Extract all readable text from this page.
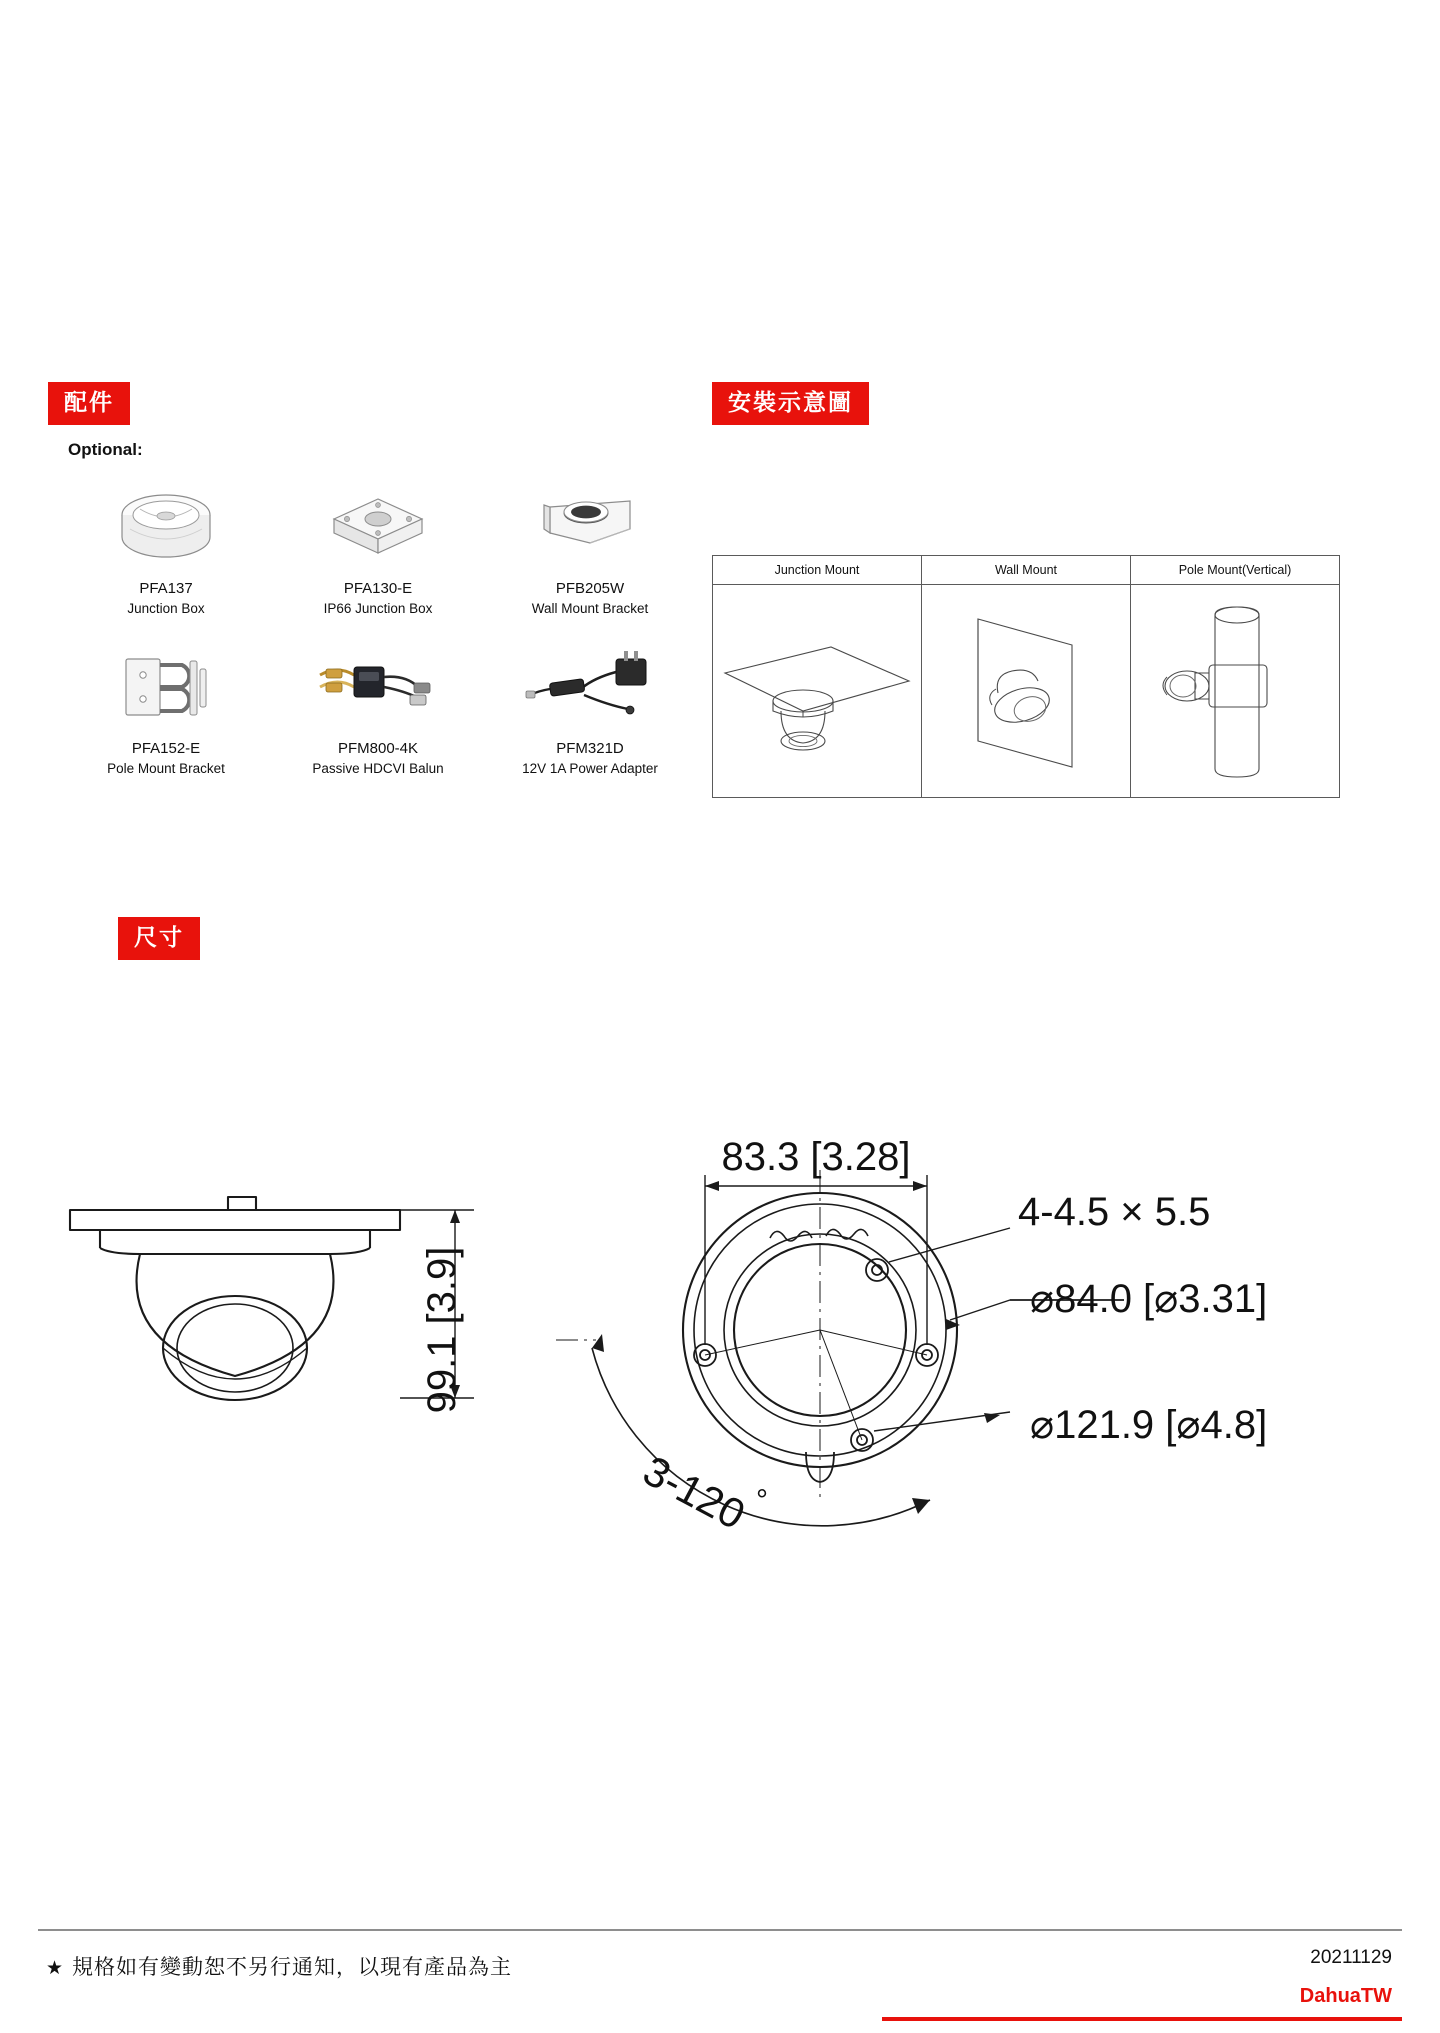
配件	安裝示意圖
Optional:
PFA137
Junction Box
PFA130-E
IP66 Junction Box
PFB205W
Wall Mount Bracket
PFA152-E
Pole Mount Bracket
PFM800-4K
Passive HDCVI Balun
PFM321D
12V 1A Power Adapter
Junction Mount	Wall Mount	Pole Mount(Vertical)

尺寸
99.1 [3.9]
83.3 [3.28]
4-4.5 × 5.5
⌀84.0 [⌀3.31]
⌀121.9 [⌀4.8]
3-120 °
★ 規格如有變動恕不另行通知，以現有產品為主	20211129
DahuaTW
